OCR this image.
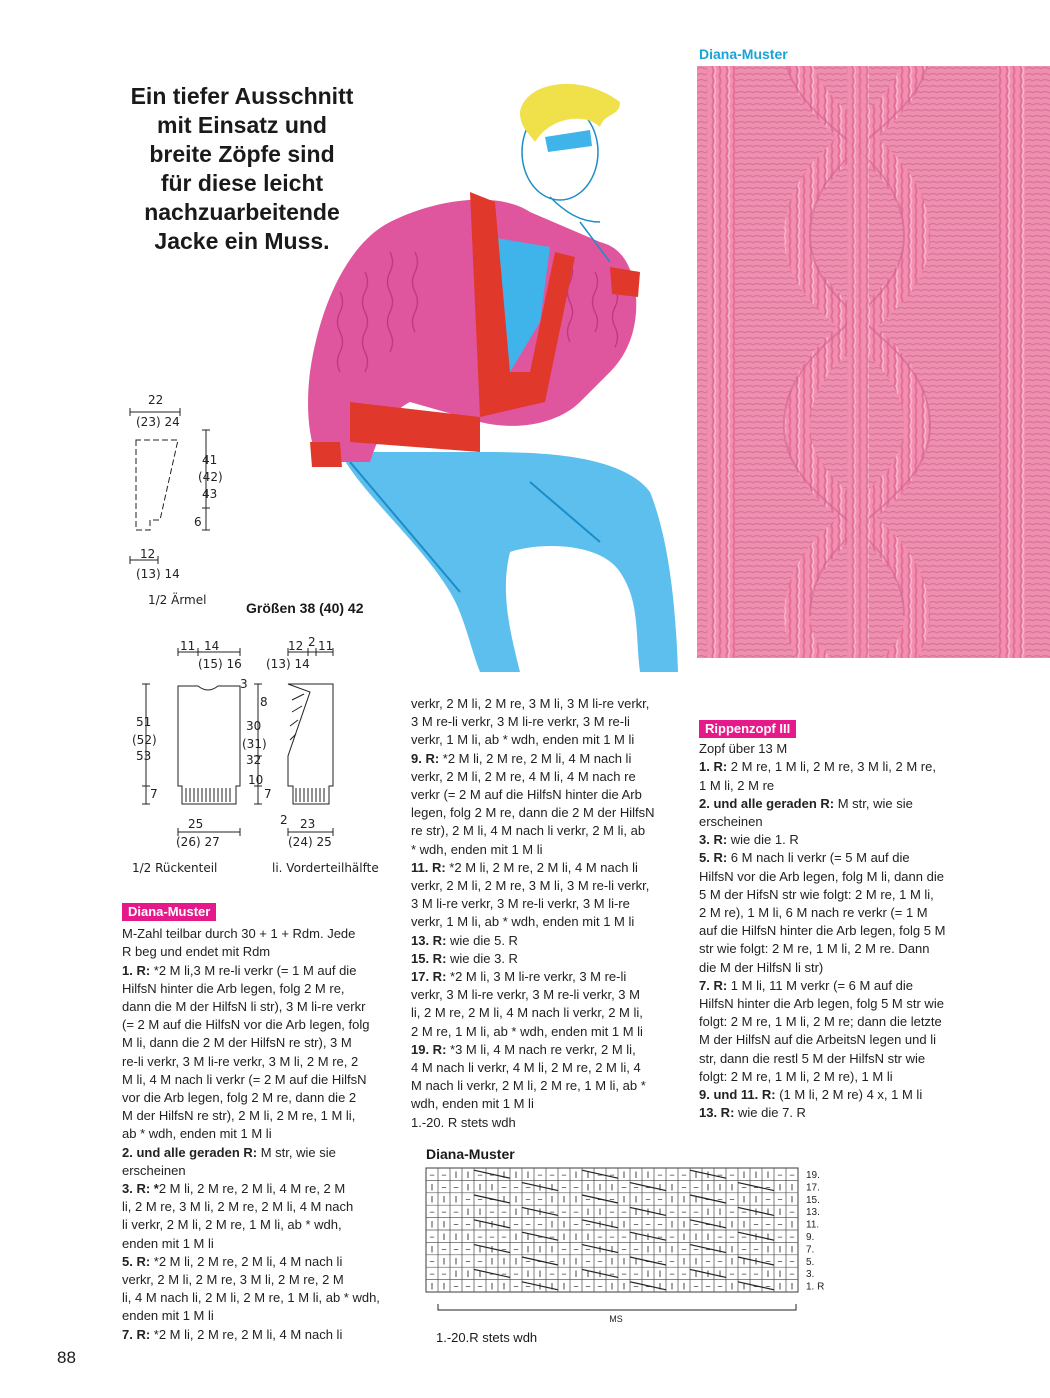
Ein tiefer Ausschnitt
mit Einsatz und
breite Zöpfe sind
für diese leicht
nachzuarbeitende
Jacke ein Muss.
Diana-Muster
22
(23) 24
41
(42)
43
6
12
(13) 14
1/2 Ärmel	Größen 38 (40) 42
11 14
(15) 16
51
(52)
53
7
25
(26) 27
1/2 Rückenteil
12
(13) 14
2 11
3
8
30
(31)
32
10
7
2 23
(24) 25
li. Vorderteilhälfte
Diana-Muster

M-Zahl teilbar durch 30 + 1 + Rdm. Jede

R beg und endet mit Rdm

1. R: *2 M li,3 M re-li verkr (= 1 M auf die

HilfsN hinter die Arb legen, folg 2 M re,

dann die M der HilfsN li str), 3 M li-re verkr

(= 2 M auf die HilfsN vor die Arb legen, folg

M li, dann die 2 M der HilfsN re str), 3 M

re-li verkr, 3 M li-re verkr, 3 M li, 2 M re, 2

M li, 4 M nach li verkr (= 2 M auf die HilfsN

vor die Arb legen, folg 2 M re, dann die 2

M der HilfsN re str), 2 M li, 2 M re, 1 M li,

ab * wdh, enden mit 1 M li

2. und alle geraden R: M str, wie sie

erscheinen

3. R: *2 M li, 2 M re, 2 M li, 4 M re, 2 M

li, 2 M re, 3 M li, 2 M re, 2 M li, 4 M nach

li verkr, 2 M li, 2 M re, 1 M li, ab * wdh,

enden mit 1 M li

5. R: *2 M li, 2 M re, 2 M li, 4 M nach li

verkr, 2 M li, 2 M re, 3 M li, 2 M re, 2 M

li, 4 M nach li, 2 M li, 2 M re, 1 M li, ab * wdh,

enden mit 1 M li

7. R: *2 M li, 2 M re, 2 M li, 4 M nach li

verkr, 2 M li, 2 M re, 3 M li, 3 M li-re verkr,

3 M re-li verkr, 3 M li-re verkr, 3 M re-li

verkr, 1 M li, ab * wdh, enden mit 1 M li

9. R: *2 M li, 2 M re, 2 M li, 4 M nach li

verkr, 2 M li, 2 M re, 4 M li, 4 M nach re

verkr (= 2 M auf die HilfsN hinter die Arb

legen, folg 2 M re, dann die 2 M der HilfsN

re str), 2 M li, 4 M nach li verkr, 2 M li, ab

* wdh, enden mit 1 M li

11. R: *2 M li, 2 M re, 2 M li, 4 M nach li

verkr, 2 M li, 2 M re, 3 M li, 3 M re-li verkr,

3 M li-re verkr, 3 M re-li verkr, 3 M li-re

verkr, 1 M li, ab * wdh, enden mit 1 M li

13. R: wie die 5. R

15. R: wie die 3. R

17. R: *2 M li, 3 M li-re verkr, 3 M re-li

verkr, 3 M li-re verkr, 3 M re-li verkr, 3 M

li, 2 M re, 2 M li, 4 M nach li verkr, 2 M li,

2 M re, 1 M li, ab * wdh, enden mit 1 M li

19. R: *3 M li, 4 M nach re verkr, 2 M li,

4 M nach li verkr, 4 M li, 2 M re, 2 M li, 4

M nach li verkr, 2 M li, 2 M re, 1 M li, ab *

wdh, enden mit 1 M li

1.-20. R stets wdh

Rippenzopf III

Zopf über 13 M

1. R: 2 M re, 1 M li, 2 M re, 3 M li, 2 M re,

1 M li, 2 M re

2. und alle geraden R: M str, wie sie

erscheinen

3. R: wie die 1. R

5. R: 6 M nach li verkr (= 5 M auf die

HilfsN vor die Arb legen, folg M li, dann die

5 M der HifsN str wie folgt: 2 M re, 1 M li,

2 M re), 1 M li, 6 M nach re verkr (= 1 M

auf die HilfsN hinter die Arb legen, folg 5 M

str wie folgt: 2 M re, 1 M li, 2 M re. Dann

die M der HilfsN li str)

7. R: 1 M li, 11 M verkr (= 6 M auf die

HilfsN hinter die Arb legen, folg 5 M str wie

folgt: 2 M re, 1 M li, 2 M re; dann die letzte

M der HilfsN auf die ArbeitsN legen und li

str, dann die restl 5 M der HilfsN str wie

folgt: 2 M re, 1 M li, 2 M re), 1 M li

9. und 11. R: (1 M li, 2 M re) 4 x, 1 M li

13. R: wie die 7. R

Diana-Muster
− − I I − − I I I − − − I I − − I I I − − − I I − − I I I − −
I − − I I I − − − I I − − I I I − − − I I − − I I I − − − I I
I I I − − − I I − − I I I − − − I I − − I I I − − − I I − − I
− − − I I − − I I I − − − I I − − I I I − − − I I − − I I I −
I I − − I I I − − − I I − − I I I − − − I I − − I I I − − − I
− I I I − − − I I − − I I I − − − I I − − I I I − − − I I − −
I − − − I I − − I I I − − − I I − − I I I − − − I I − − I I I
− I I − − I I I − − − I I − − I I I − − − I I − − I I I − − −
− − I I I − − − I I − − I I I − − − I I − − I I I − − − I I −
I I − − − I I − − I I I − − − I I − − I I I − − − I I − − I I
19.
17.
15.
13.
11.
9.
7.
5.
3.
1. R
MS
1.-20.R stets wdh
88
